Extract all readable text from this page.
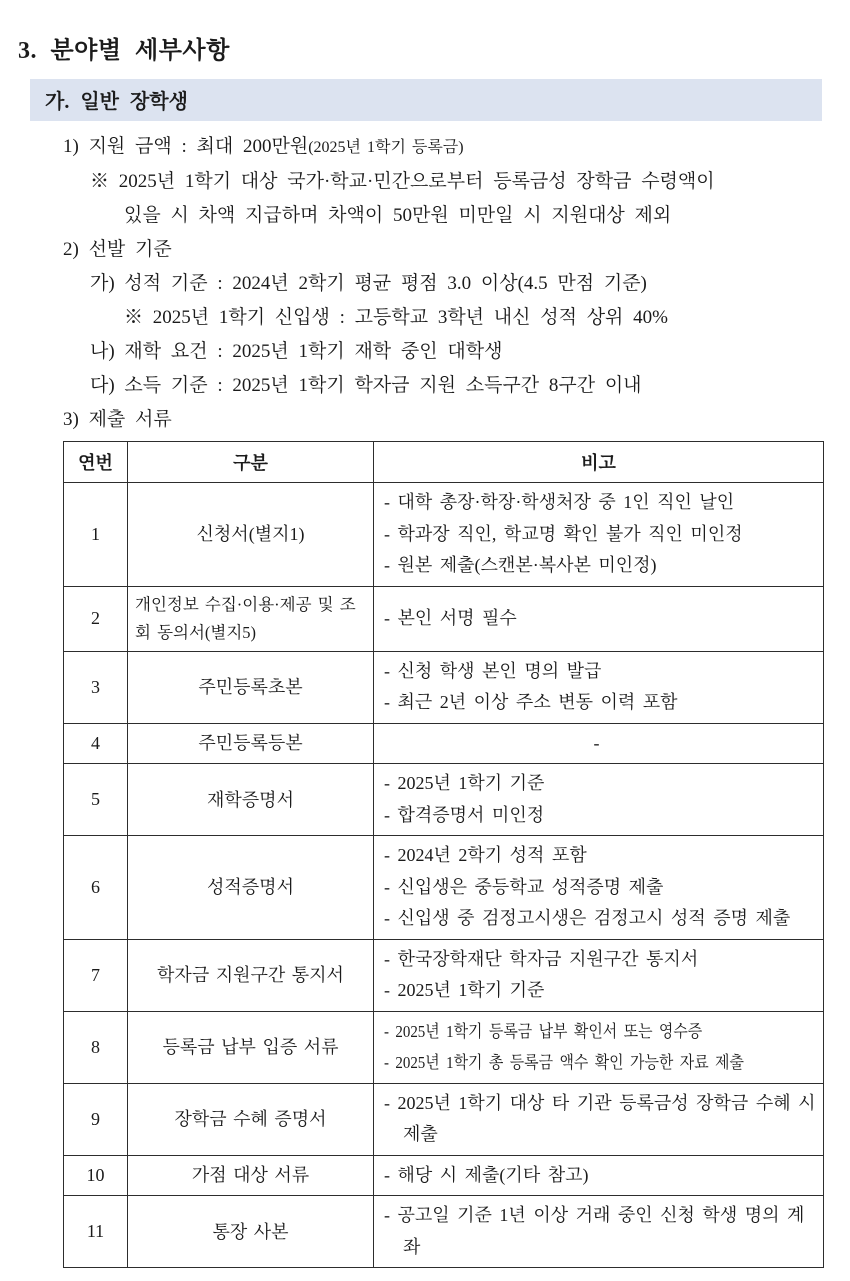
3. 분야별 세부사항
가. 일반 장학생
1) 지원 금액 : 최대 200만원(2025년 1학기 등록금)
※ 2025년 1학기 대상 국가·학교·민간으로부터 등록금성 장학금 수령액이
있을 시 차액 지급하며 차액이 50만원 미만일 시 지원대상 제외
2) 선발 기준
가) 성적 기준 : 2024년 2학기 평균 평점 3.0 이상(4.5 만점 기준)
※ 2025년 1학기 신입생 : 고등학교 3학년 내신 성적 상위 40%
나) 재학 요건 : 2025년 1학기 재학 중인 대학생
다) 소득 기준 : 2025년 1학기 학자금 지원 소득구간 8구간 이내
3) 제출 서류
연번	구분	비고
1	신청서(별지1)	- 대학 총장·학장·학생처장 중 1인 직인 날인
- 학과장 직인, 학교명 확인 불가 직인 미인정
- 원본 제출(스캔본·복사본 미인정)

2	개인정보 수집·이용·제공 및 조회 동의서(별지5)	- 본인 서명 필수

3	주민등록초본	- 신청 학생 본인 명의 발급
- 최근 2년 이상 주소 변동 이력 포함

4	주민등록등본	-

5	재학증명서	- 2025년 1학기 기준
- 합격증명서 미인정

6	성적증명서	- 2024년 2학기 성적 포함
- 신입생은 중등학교 성적증명 제출
- 신입생 중 검정고시생은 검정고시 성적 증명 제출

7	학자금 지원구간 통지서	- 한국장학재단 학자금 지원구간 통지서
- 2025년 1학기 기준

8	등록금 납부 입증 서류	- 2025년 1학기 등록금 납부 확인서 또는 영수증
- 2025년 1학기 총 등록금 액수 확인 가능한 자료 제출

9	장학금 수혜 증명서	- 2025년 1학기 대상 타 기관 등록금성 장학금 수혜 시 제출

10	가점 대상 서류	- 해당 시 제출(기타 참고)

11	통장 사본	- 공고일 기준 1년 이상 거래 중인 신청 학생 명의 계좌
